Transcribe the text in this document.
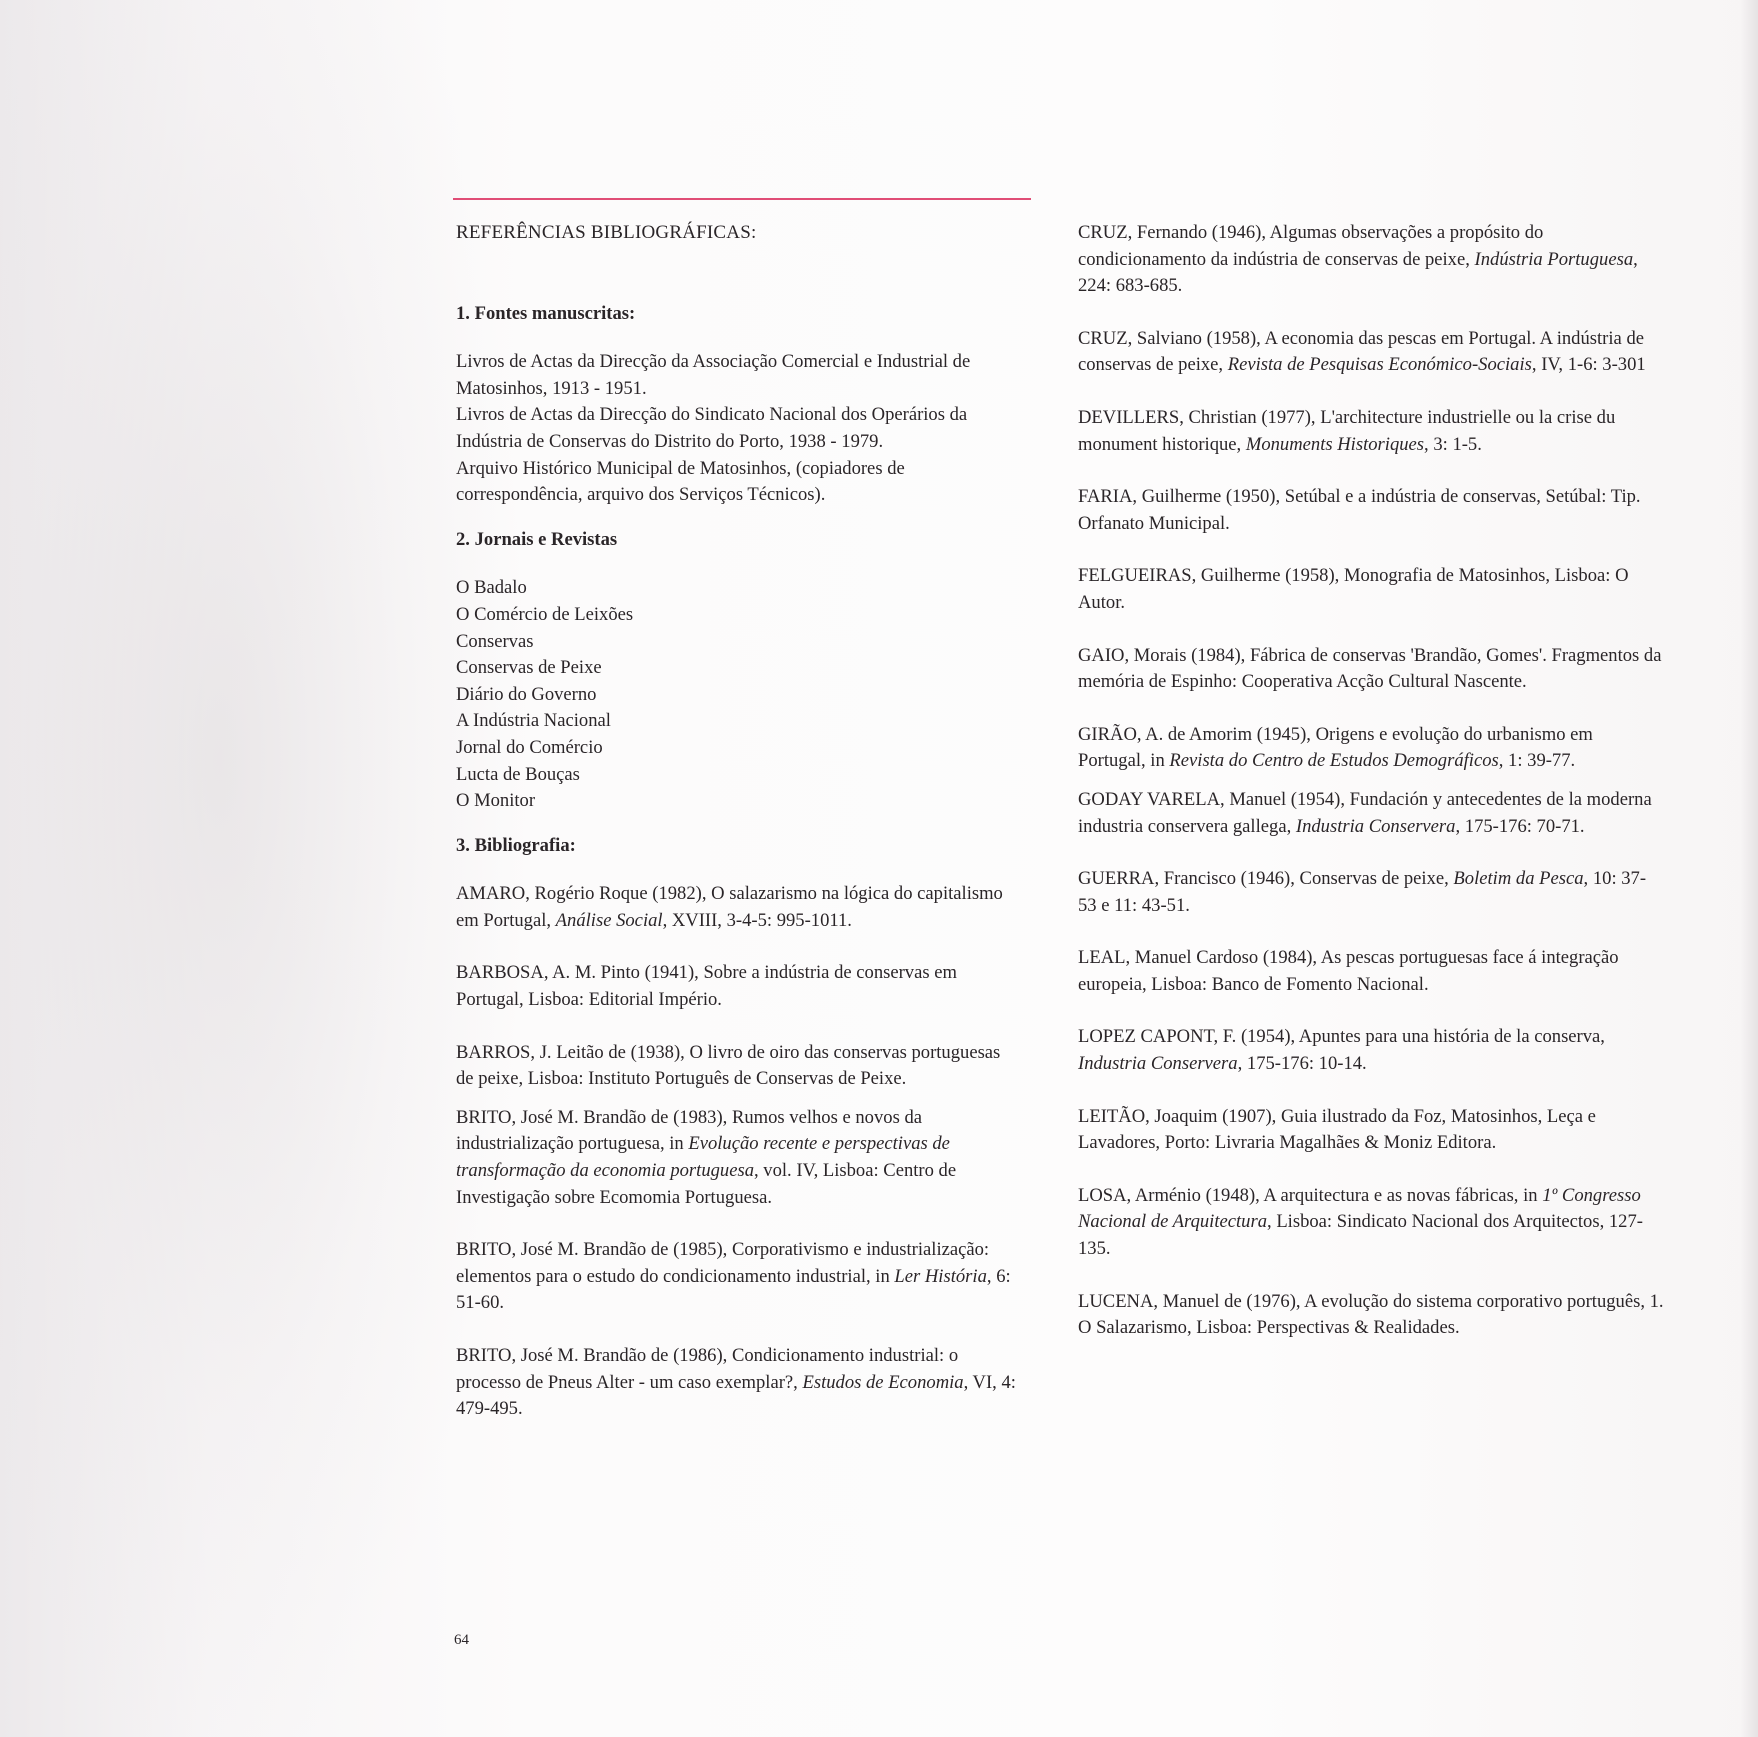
REFERÊNCIAS BIBLIOGRÁFICAS:

1. Fontes manuscritas:

Livros de Actas da Direcção da Associação Comercial e Industrial de Matosinhos, 1913 - 1951.

Livros de Actas da Direcção do Sindicato Nacional dos Operários da Indústria de Conservas do Distrito do Porto, 1938 - 1979.

Arquivo Histórico Municipal de Matosinhos, (copiadores de correspondência, arquivo dos Serviços Técnicos).

2. Jornais e Revistas

O Badalo
O Comércio de Leixões
Conservas
Conservas de Peixe
Diário do Governo
A Indústria Nacional
Jornal do Comércio
Lucta de Bouças
O Monitor

3. Bibliografia:

AMARO, Rogério Roque (1982), O salazarismo na lógica do capitalismo em Portugal, Análise Social, XVIII, 3-4-5: 995-1011.

BARBOSA, A. M. Pinto (1941), Sobre a indústria de conservas em Portugal, Lisboa: Editorial Império.

BARROS, J. Leitão de (1938), O livro de oiro das conservas portuguesas de peixe, Lisboa: Instituto Português de Conservas de Peixe.

BRITO, José M. Brandão de (1983), Rumos velhos e novos da industrialização portuguesa, in Evolução recente e perspectivas de transformação da economia portuguesa, vol. IV, Lisboa: Centro de Investigação sobre Ecomomia Portuguesa.

BRITO, José M. Brandão de (1985), Corporativismo e industrialização: elementos para o estudo do condicionamento industrial, in Ler História, 6: 51-60.

BRITO, José M. Brandão de (1986), Condicionamento industrial: o processo de Pneus Alter - um caso exemplar?, Estudos de Economia, VI, 4: 479-495.

CRUZ, Fernando (1946), Algumas observações a propósito do condicionamento da indústria de conservas de peixe, Indústria Portuguesa, 224: 683-685.

CRUZ, Salviano (1958), A economia das pescas em Portugal. A indústria de conservas de peixe, Revista de Pesquisas Económico-Sociais, IV, 1-6: 3-301

DEVILLERS, Christian (1977), L'architecture industrielle ou la crise du monument historique, Monuments Historiques, 3: 1-5.

FARIA, Guilherme (1950), Setúbal e a indústria de conservas, Setúbal: Tip. Orfanato Municipal.

FELGUEIRAS, Guilherme (1958), Monografia de Matosinhos, Lisboa: O Autor.

GAIO, Morais (1984), Fábrica de conservas 'Brandão, Gomes'. Fragmentos da memória de Espinho: Cooperativa Acção Cultural Nascente.

GIRÃO, A. de Amorim (1945), Origens e evolução do urbanismo em Portugal, in Revista do Centro de Estudos Demográficos, 1: 39-77.

GODAY VARELA, Manuel (1954), Fundación y antecedentes de la moderna industria conservera gallega, Industria Conservera, 175-176: 70-71.

GUERRA, Francisco (1946), Conservas de peixe, Boletim da Pesca, 10: 37-53 e 11: 43-51.

LEAL, Manuel Cardoso (1984), As pescas portuguesas face á integração europeia, Lisboa: Banco de Fomento Nacional.

LOPEZ CAPONT, F. (1954), Apuntes para una história de la conserva, Industria Conservera, 175-176: 10-14.

LEITÃO, Joaquim (1907), Guia ilustrado da Foz, Matosinhos, Leça e Lavadores, Porto: Livraria Magalhães & Moniz Editora.

LOSA, Arménio (1948), A arquitectura e as novas fábricas, in 1º Congresso Nacional de Arquitectura, Lisboa: Sindicato Nacional dos Arquitectos, 127-135.

LUCENA, Manuel de (1976), A evolução do sistema corporativo português, 1. O Salazarismo, Lisboa: Perspectivas & Realidades.

64
